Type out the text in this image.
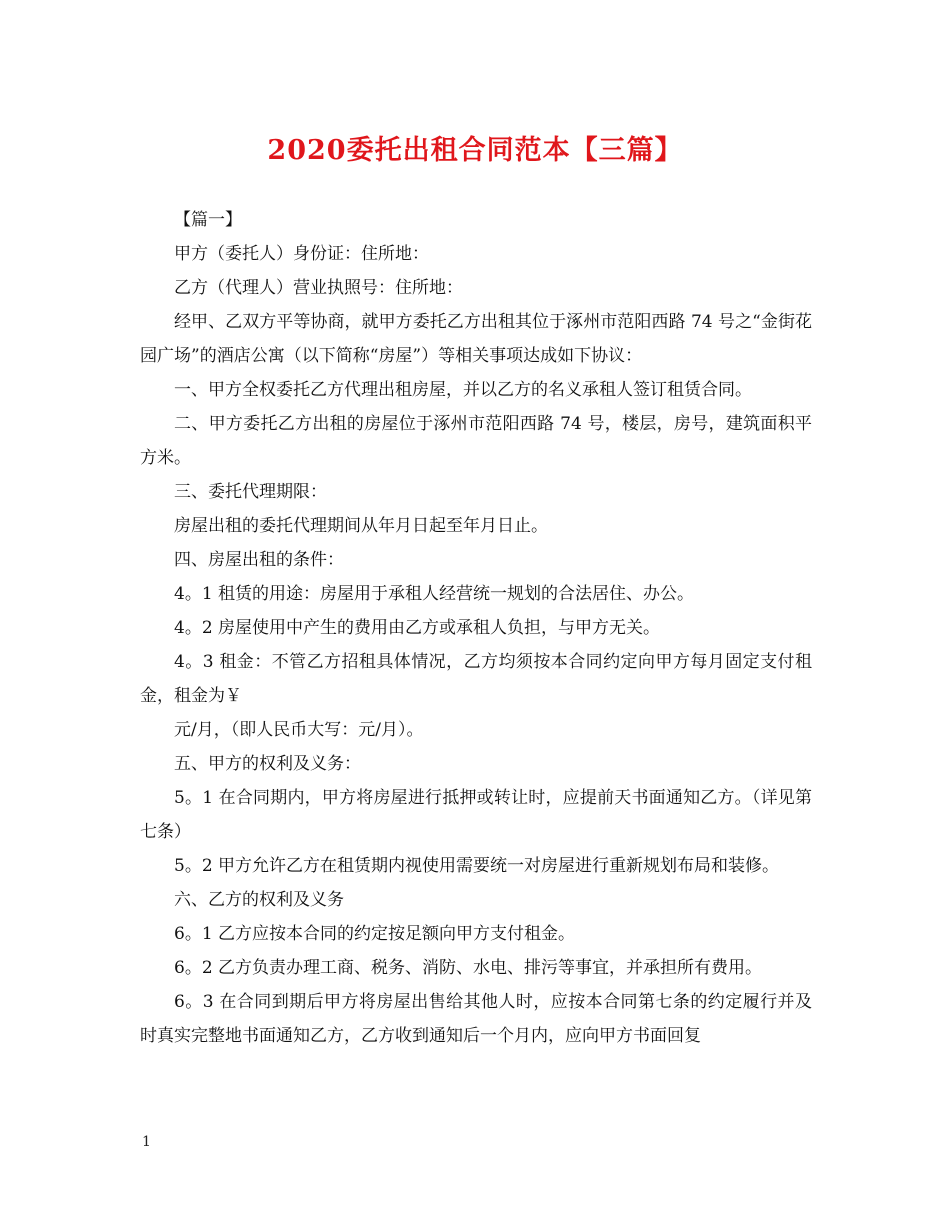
2020委托出租合同范本【三篇】

【篇一】

甲方（委托人）身份证：住所地：

乙方（代理人）营业执照号：住所地：

经甲、乙双方平等协商，就甲方委托乙方出租其位于涿州市范阳西路 74 号之“金街花园广场”的酒店公寓（以下简称“房屋”）等相关事项达成如下协议：

一、甲方全权委托乙方代理出租房屋，并以乙方的名义承租人签订租赁合同。

二、甲方委托乙方出租的房屋位于涿州市范阳西路 74 号，楼层，房号，建筑面积平方米。

三、委托代理期限：

房屋出租的委托代理期间从年月日起至年月日止。

四、房屋出租的条件：

4。1 租赁的用途：房屋用于承租人经营统一规划的合法居住、办公。

4。2 房屋使用中产生的费用由乙方或承租人负担，与甲方无关。

4。3 租金：不管乙方招租具体情况，乙方均须按本合同约定向甲方每月固定支付租金，租金为￥

元/月，（即人民币大写：元/月）。

五、甲方的权利及义务：

5。1 在合同期内，甲方将房屋进行抵押或转让时，应提前天书面通知乙方。（详见第七条）

5。2 甲方允许乙方在租赁期内视使用需要统一对房屋进行重新规划布局和装修。

六、乙方的权利及义务

6。1 乙方应按本合同的约定按足额向甲方支付租金。

6。2 乙方负责办理工商、税务、消防、水电、排污等事宜，并承担所有费用。

6。3 在合同到期后甲方将房屋出售给其他人时，应按本合同第七条的约定履行并及时真实完整地书面通知乙方，乙方收到通知后一个月内，应向甲方书面回复

1
